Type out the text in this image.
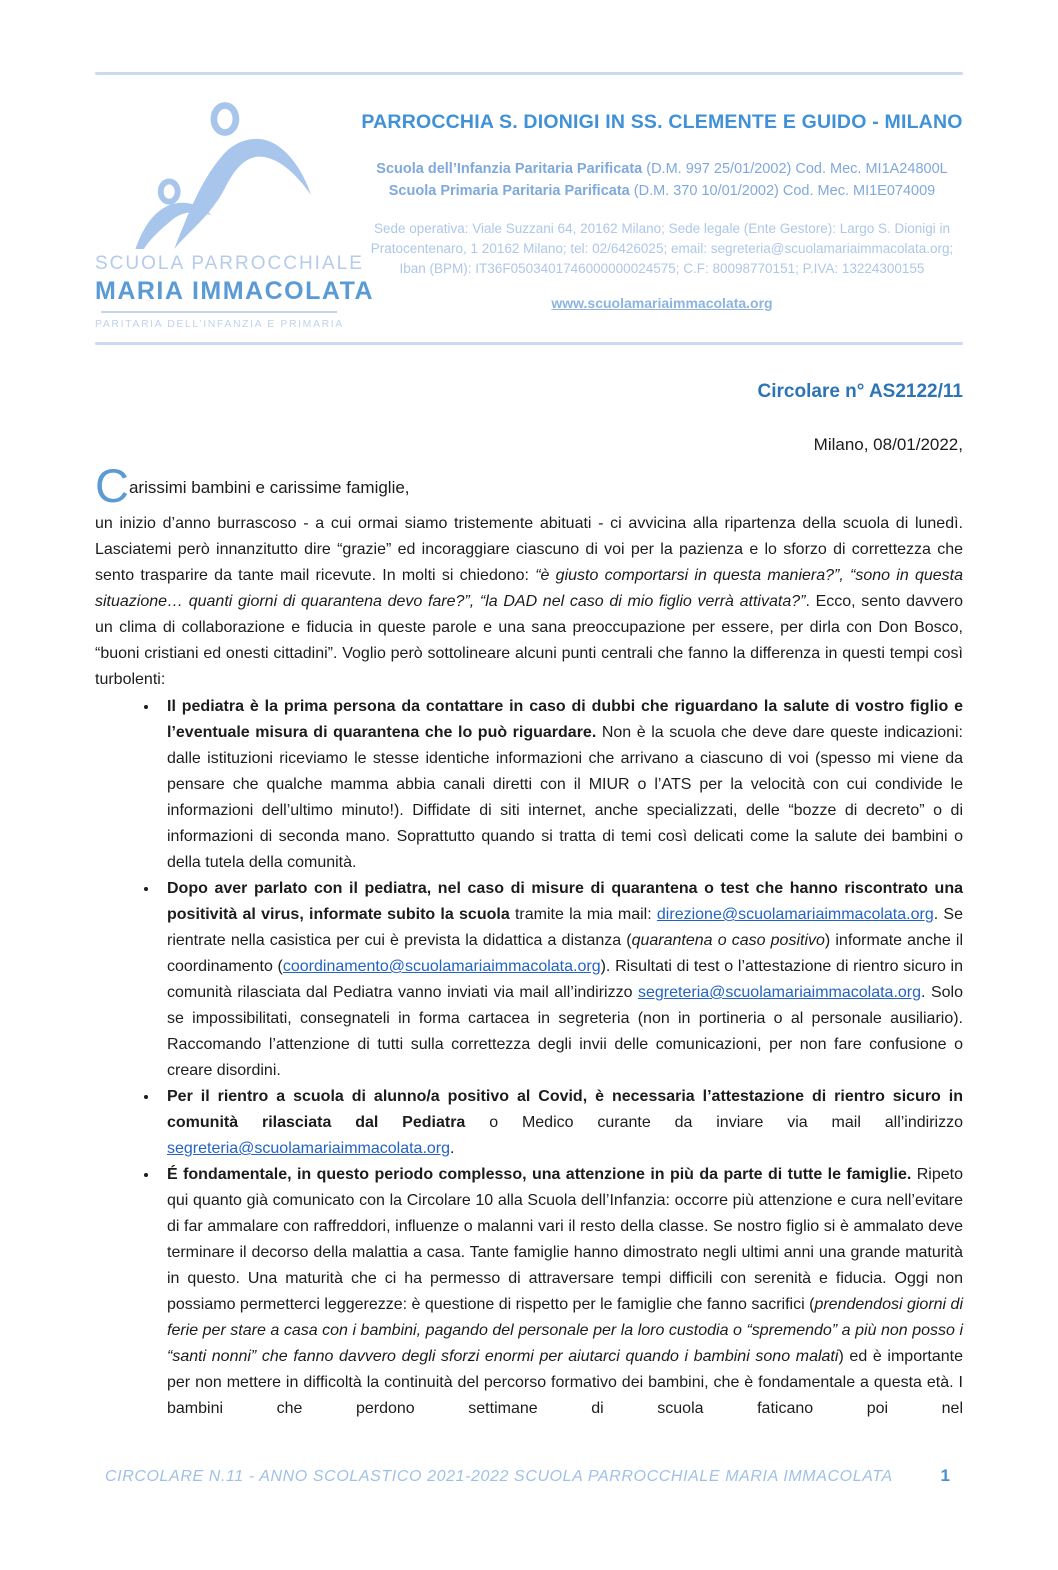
SCUOLA PARROCCHIALE
MARIA IMMACOLATA
PARITARIA DELL’INFANZIA E PRIMARIA
PARROCCHIA S. DIONIGI IN SS. CLEMENTE E GUIDO - MILANO
Scuola dell’Infanzia Paritaria Parificata (D.M. 997 25/01/2002) Cod. Mec. MI1A24800L
Scuola Primaria Paritaria Parificata (D.M. 370 10/01/2002) Cod. Mec. MI1E074009
Sede operativa: Viale Suzzani 64, 20162 Milano; Sede legale (Ente Gestore): Largo S. Dionigi in Pratocentenaro, 1 20162 Milano; tel: 02/6426025; email: segreteria@scuolamariaimmacolata.org; Iban (BPM): IT36F0503401746000000024575; C.F: 80098770151; P.IVA: 13224300155
www.scuolamariaimmacolata.org
Circolare n° AS2122/11
Milano, 08/01/2022,
Carissimi bambini e carissime famiglie,

un inizio d’anno burrascoso - a cui ormai siamo tristemente abituati - ci avvicina alla ripartenza della scuola di lunedì. Lasciatemi però innanzitutto dire “grazie” ed incoraggiare ciascuno di voi per la pazienza e lo sforzo di correttezza che sento trasparire da tante mail ricevute. In molti si chiedono: “è giusto comportarsi in questa maniera?”, “sono in questa situazione… quanti giorni di quarantena devo fare?”, “la DAD nel caso di mio figlio verrà attivata?”. Ecco, sento davvero un clima di collaborazione e fiducia in queste parole e una sana preoccupazione per essere, per dirla con Don Bosco, “buoni cristiani ed onesti cittadini”. Voglio però sottolineare alcuni punti centrali che fanno la differenza in questi tempi così turbolenti:

• Il pediatra è la prima persona da contattare in caso di dubbi che riguardano la salute di vostro figlio e l’eventuale misura di quarantena che lo può riguardare. Non è la scuola che deve dare queste indicazioni: dalle istituzioni riceviamo le stesse identiche informazioni che arrivano a ciascuno di voi (spesso mi viene da pensare che qualche mamma abbia canali diretti con il MIUR o l’ATS per la velocità con cui condivide le informazioni dell’ultimo minuto!). Diffidate di siti internet, anche specializzati, delle “bozze di decreto” o di informazioni di seconda mano. Soprattutto quando si tratta di temi così delicati come la salute dei bambini o della tutela della comunità.
• Dopo aver parlato con il pediatra, nel caso di misure di quarantena o test che hanno riscontrato una positività al virus, informate subito la scuola tramite la mia mail: direzione@scuolamariaimmacolata.org. Se rientrate nella casistica per cui è prevista la didattica a distanza (quarantena o caso positivo) informate anche il coordinamento (coordinamento@scuolamariaimmacolata.org). Risultati di test o l’attestazione di rientro sicuro in comunità rilasciata dal Pediatra vanno inviati via mail all’indirizzo segreteria@scuolamariaimmacolata.org. Solo se impossibilitati, consegnateli in forma cartacea in segreteria (non in portineria o al personale ausiliario). Raccomando l’attenzione di tutti sulla correttezza degli invii delle comunicazioni, per non fare confusione o creare disordini.
• Per il rientro a scuola di alunno/a positivo al Covid, è necessaria l’attestazione di rientro sicuro in comunità rilasciata dal Pediatra o Medico curante da inviare via mail all’indirizzo segreteria@scuolamariaimmacolata.org.
• É fondamentale, in questo periodo complesso, una attenzione in più da parte di tutte le famiglie. Ripeto qui quanto già comunicato con la Circolare 10 alla Scuola dell’Infanzia: occorre più attenzione e cura nell’evitare di far ammalare con raffreddori, influenze o malanni vari il resto della classe. Se nostro figlio si è ammalato deve terminare il decorso della malattia a casa. Tante famiglie hanno dimostrato negli ultimi anni una grande maturità in questo. Una maturità che ci ha permesso di attraversare tempi difficili con serenità e fiducia. Oggi non possiamo permetterci leggerezze: è questione di rispetto per le famiglie che fanno sacrifici (prendendosi giorni di ferie per stare a casa con i bambini, pagando del personale per la loro custodia o “spremendo” a più non posso i “santi nonni” che fanno davvero degli sforzi enormi per aiutarci quando i bambini sono malati) ed è importante per non mettere in difficoltà la continuità del percorso formativo dei bambini, che è fondamentale a questa età. I bambini che perdono settimane di scuola faticano poi nel
CIRCOLARE N.11 - ANNO SCOLASTICO 2021-2022 SCUOLA PARROCCHIALE MARIA IMMACOLATA	1
